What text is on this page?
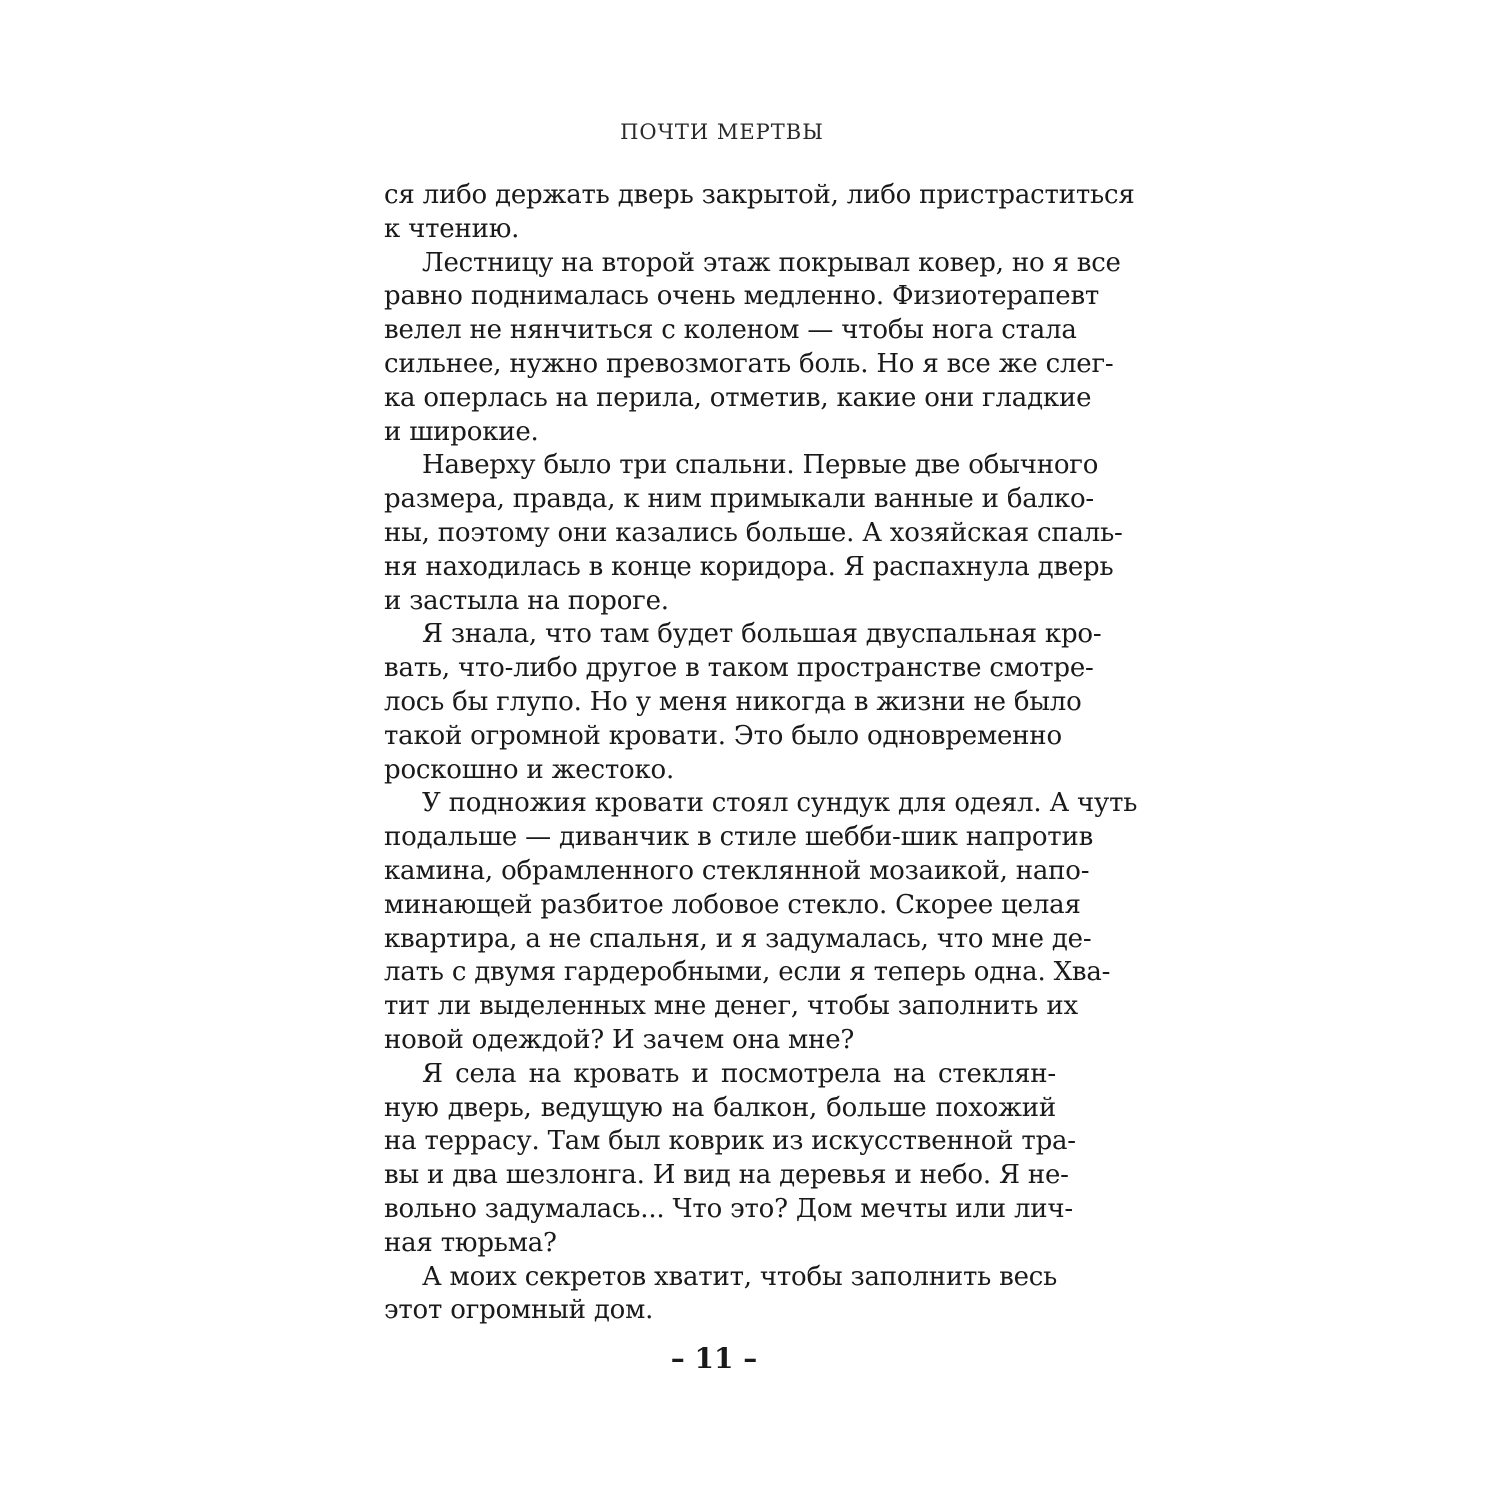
ПОЧТИ МЕРТВЫ
ся либо держать дверь закрытой, либо пристраститься
к чтению.
Лестницу на второй этаж покрывал ковер, но я все
равно поднималась очень медленно. Физиотерапевт
велел не нянчиться с коленом — чтобы нога стала
сильнее, нужно превозмогать боль. Но я все же слег-
ка оперлась на перила, отметив, какие они гладкие
и широкие.
Наверху было три спальни. Первые две обычного
размера, правда, к ним примыкали ванные и балко-
ны, поэтому они казались больше. А хозяйская спаль-
ня находилась в конце коридора. Я распахнула дверь
и застыла на пороге.
Я знала, что там будет большая двуспальная кро-
вать, что-либо другое в таком пространстве смотре-
лось бы глупо. Но у меня никогда в жизни не было
такой огромной кровати. Это было одновременно
роскошно и жестоко.
У подножия кровати стоял сундук для одеял. А чуть
подальше — диванчик в стиле шебби-шик напротив
камина, обрамленного стеклянной мозаикой, напо-
минающей разбитое лобовое стекло. Скорее целая
квартира, а не спальня, и я задумалась, что мне де-
лать с двумя гардеробными, если я теперь одна. Хва-
тит ли выделенных мне денег, чтобы заполнить их
новой одеждой? И зачем она мне?
Я села на кровать и посмотрела на стеклян-
ную дверь, ведущую на балкон, больше похожий
на террасу. Там был коврик из искусственной тра-
вы и два шезлонга. И вид на деревья и небо. Я не-
вольно задумалась... Что это? Дом мечты или лич-
ная тюрьма?
А моих секретов хватит, чтобы заполнить весь
этот огромный дом.
– 11 –
